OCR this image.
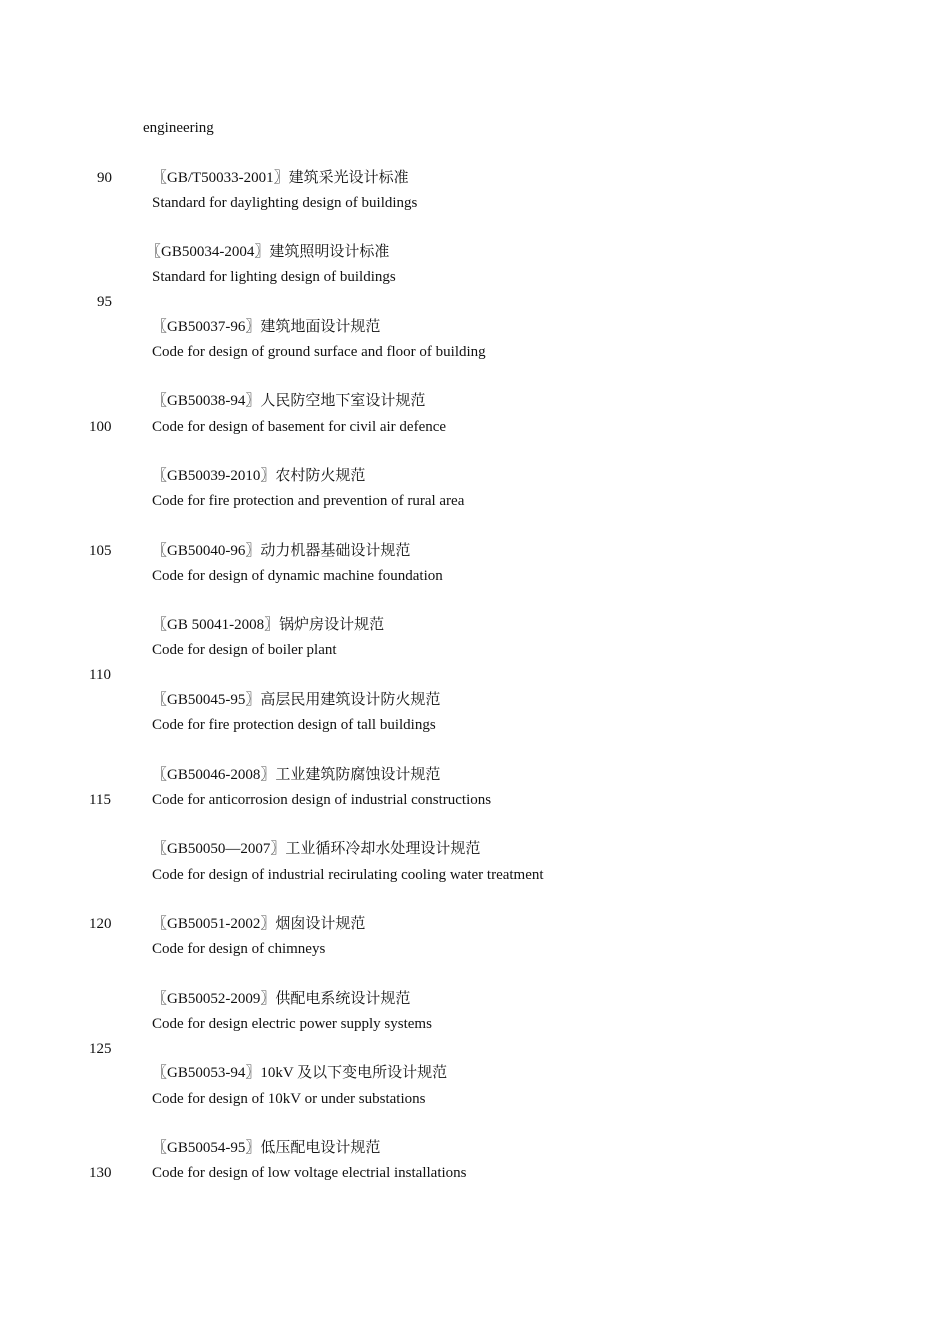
engineering
90
95
100
105
110
115
120
125
130
〖GB/T50033-2001〗建筑采光设计标准
Standard for daylighting design of buildings
〖GB50034-2004〗建筑照明设计标准
Standard for lighting design of buildings
〖GB50037-96〗建筑地面设计规范
Code for design of ground surface and floor of building
〖GB50038-94〗人民防空地下室设计规范
Code for design of basement for civil air defence
〖GB50039-2010〗农村防火规范
Code for fire protection and prevention of rural area
〖GB50040-96〗动力机器基础设计规范
Code for design of dynamic machine foundation
〖GB 50041-2008〗锅炉房设计规范
Code for design of boiler plant
〖GB50045-95〗高层民用建筑设计防火规范
Code for fire protection design of tall buildings
〖GB50046-2008〗工业建筑防腐蚀设计规范
Code for anticorrosion design of industrial constructions
〖GB50050—2007〗工业循环冷却水处理设计规范
Code for design of industrial recirulating cooling water treatment
〖GB50051-2002〗烟囱设计规范
Code for design of chimneys
〖GB50052-2009〗供配电系统设计规范
Code for design electric power supply systems
〖GB50053-94〗10kV 及以下变电所设计规范
Code for design of 10kV or under substations
〖GB50054-95〗低压配电设计规范
Code for design of low voltage electrial installations
